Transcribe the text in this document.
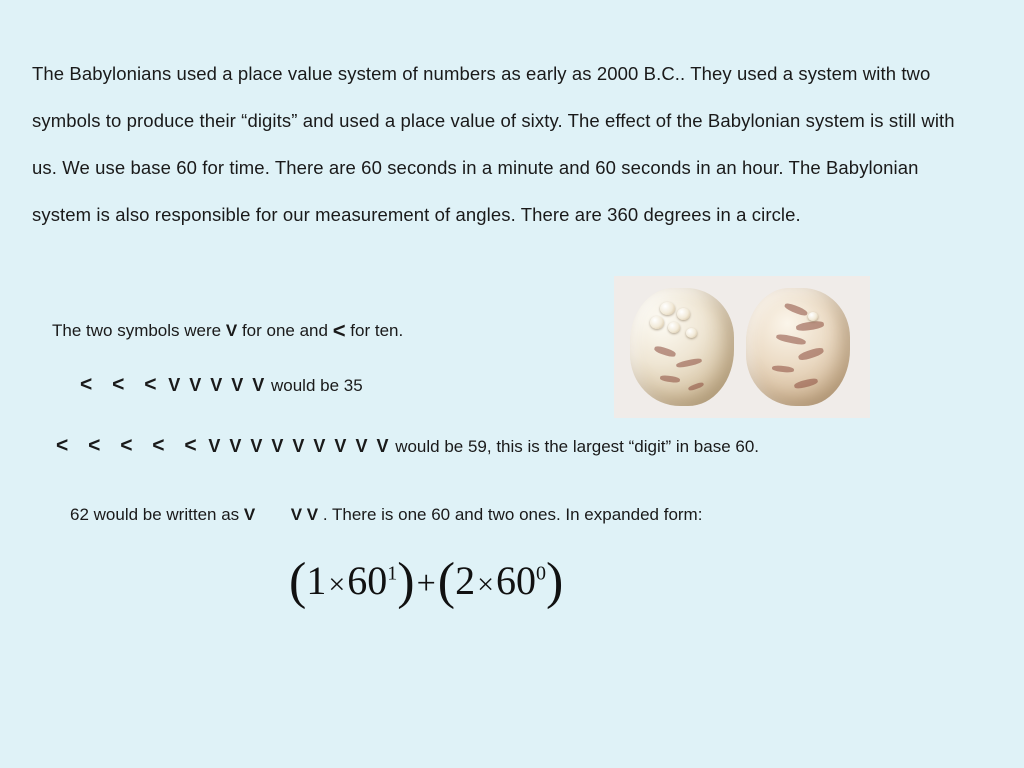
The Babylonians used a place value system of numbers as early as 2000 B.C.. They used a system with two symbols to produce their “digits” and used a place value of sixty. The effect of the Babylonian system is still with us. We use base 60 for time. There are 60 seconds in a minute and 60 seconds in an hour. The Babylonian system is also responsible for our measurement of angles. There are 360 degrees in a circle.
The two symbols were V for one and < for ten.
< < < V V V V V would be 35
< < < < < V V V V V V V V V would be 59, this is the largest “digit” in base 60.
62 would be written as V V V . There is one 60 and two ones. In expanded form:
$(1\times 60^1)+(2\times 60^0)$
